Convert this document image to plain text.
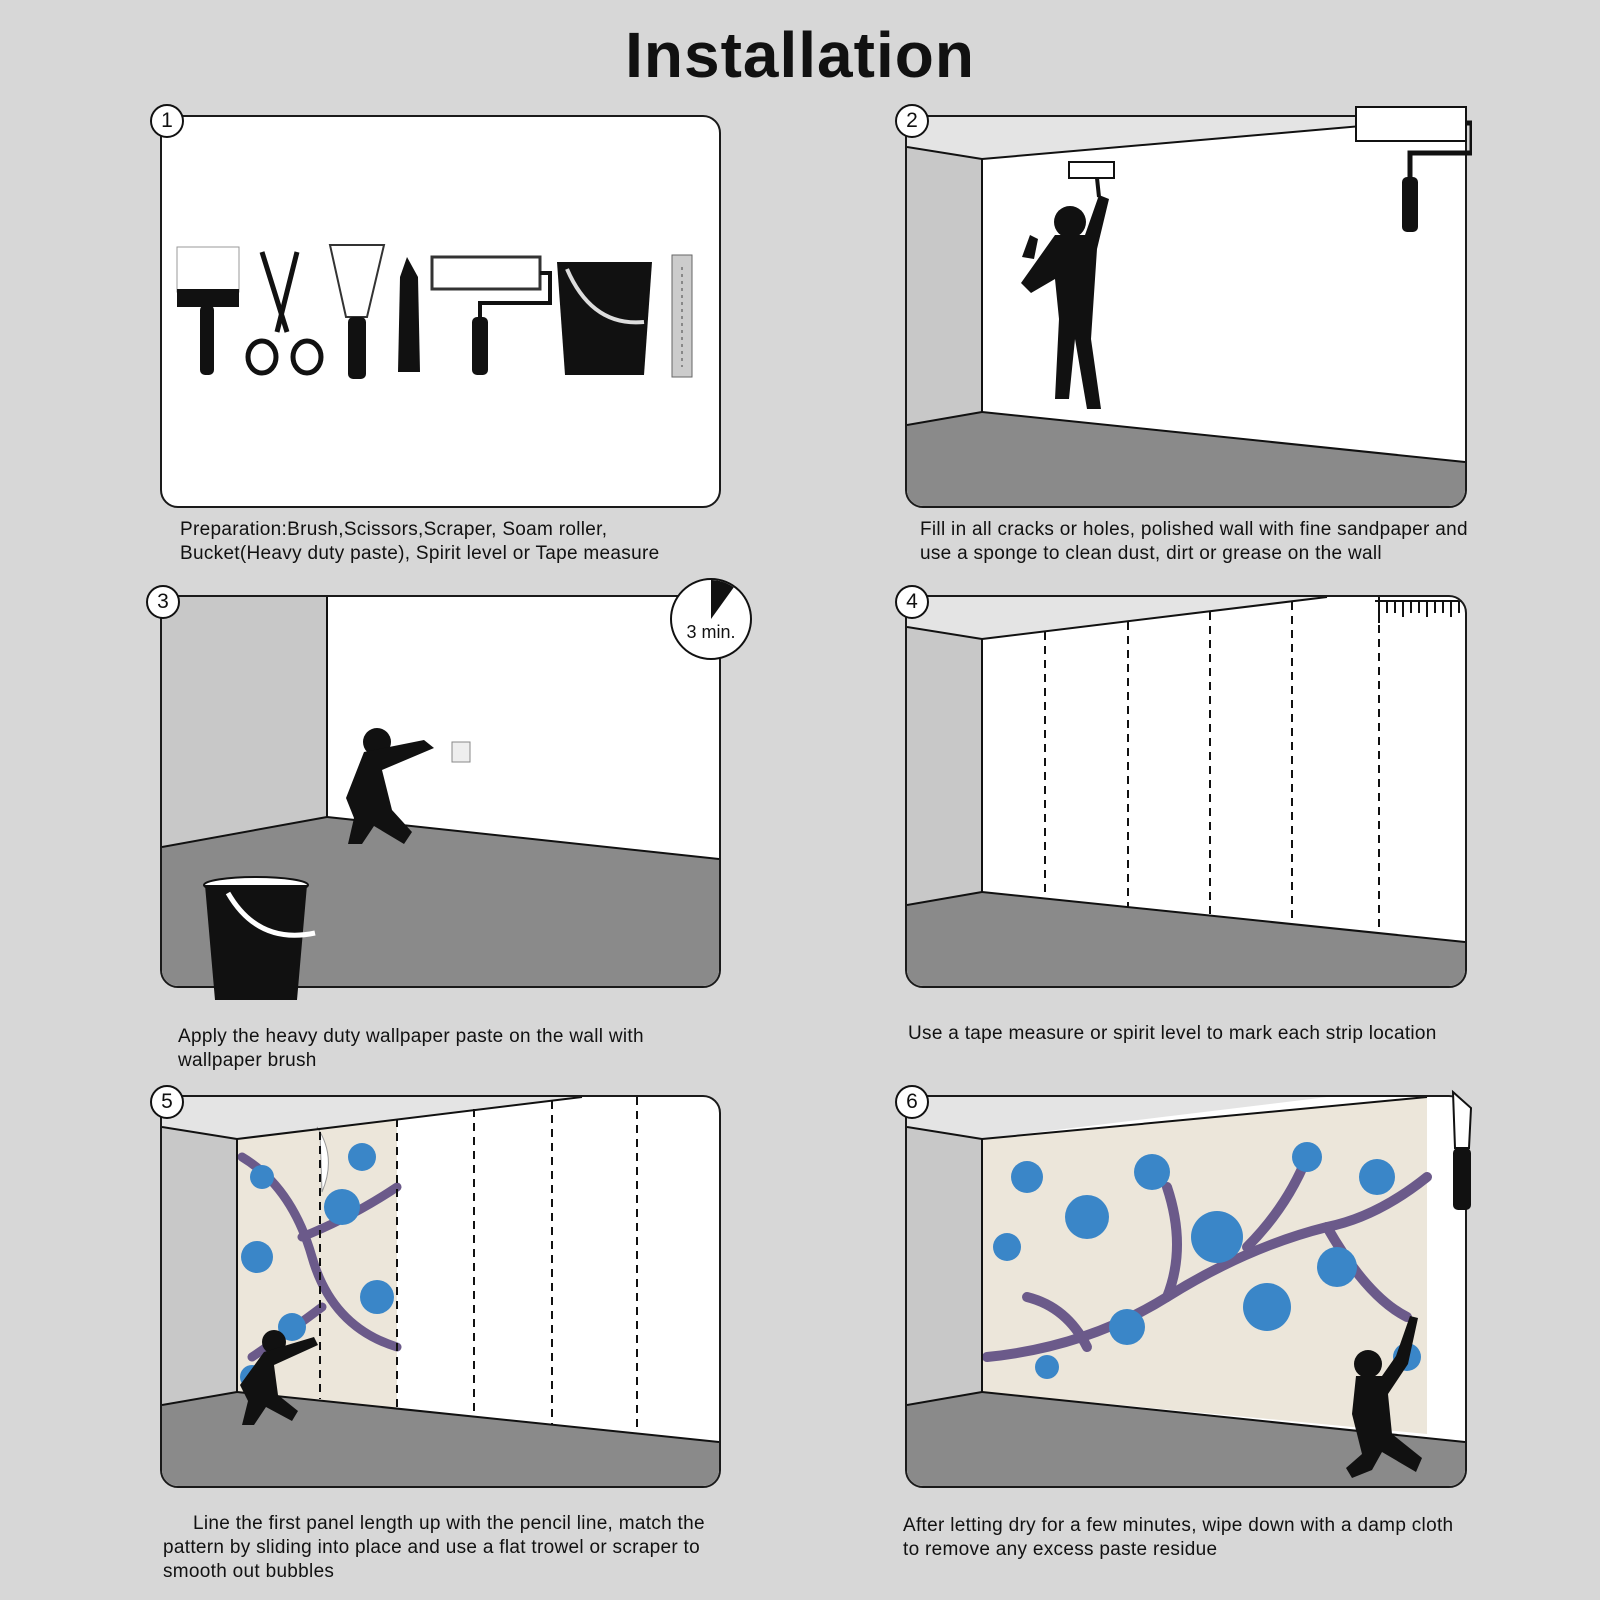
Installation
1
Preparation:Brush,Scissors,Scraper, Soam roller, Bucket(Heavy duty paste), Spirit level or Tape measure
2
Fill in all cracks or holes, polished wall with fine sandpaper and use a sponge to clean dust, dirt or grease on the wall
3 min.
3
Apply the heavy duty wallpaper paste on the wall with wallpaper brush
4
Use a tape measure or spirit level to mark each strip location
5
Line the first panel length up with the pencil line, match the pattern by sliding into place and use a flat trowel or scraper to smooth out bubbles
6
After letting dry for a few minutes, wipe down with a damp cloth to remove any excess paste residue
